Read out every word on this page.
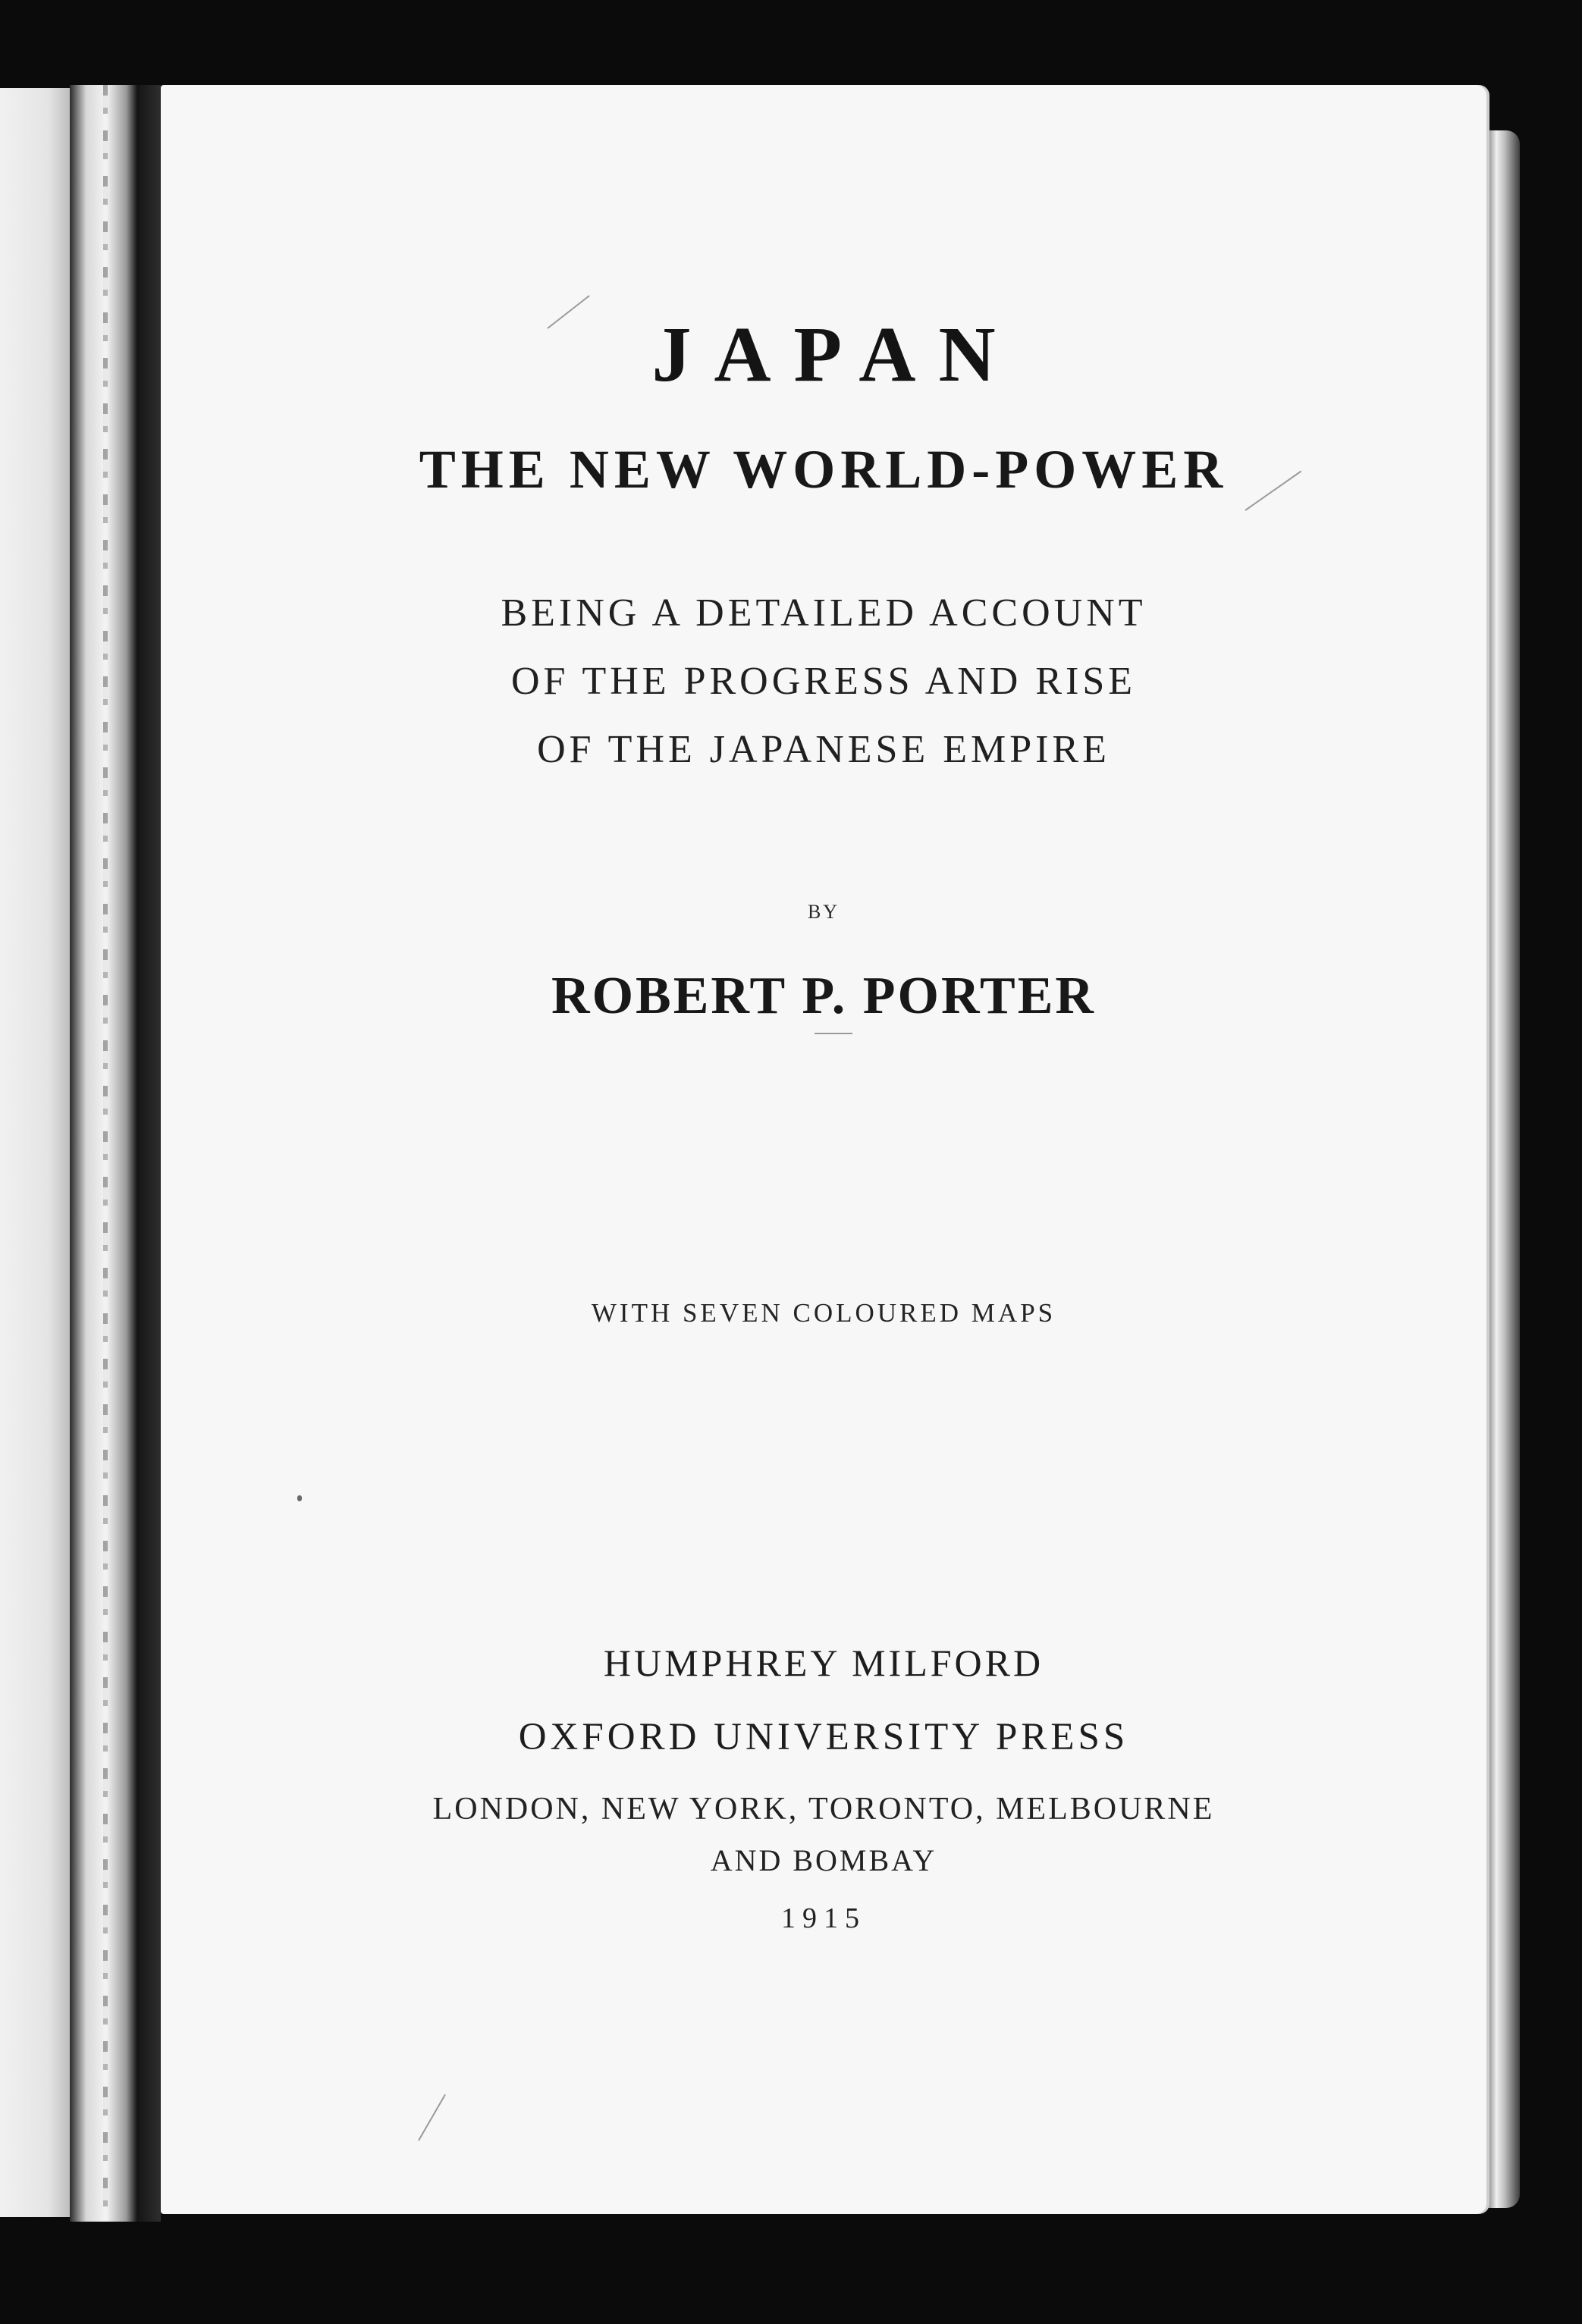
JAPAN
THE NEW WORLD-POWER
BEING A DETAILED ACCOUNT
OF THE PROGRESS AND RISE
OF THE JAPANESE EMPIRE
BY
ROBERT P. PORTER
WITH SEVEN COLOURED MAPS
HUMPHREY MILFORD
OXFORD UNIVERSITY PRESS
LONDON, NEW YORK, TORONTO, MELBOURNE
AND BOMBAY
1915
